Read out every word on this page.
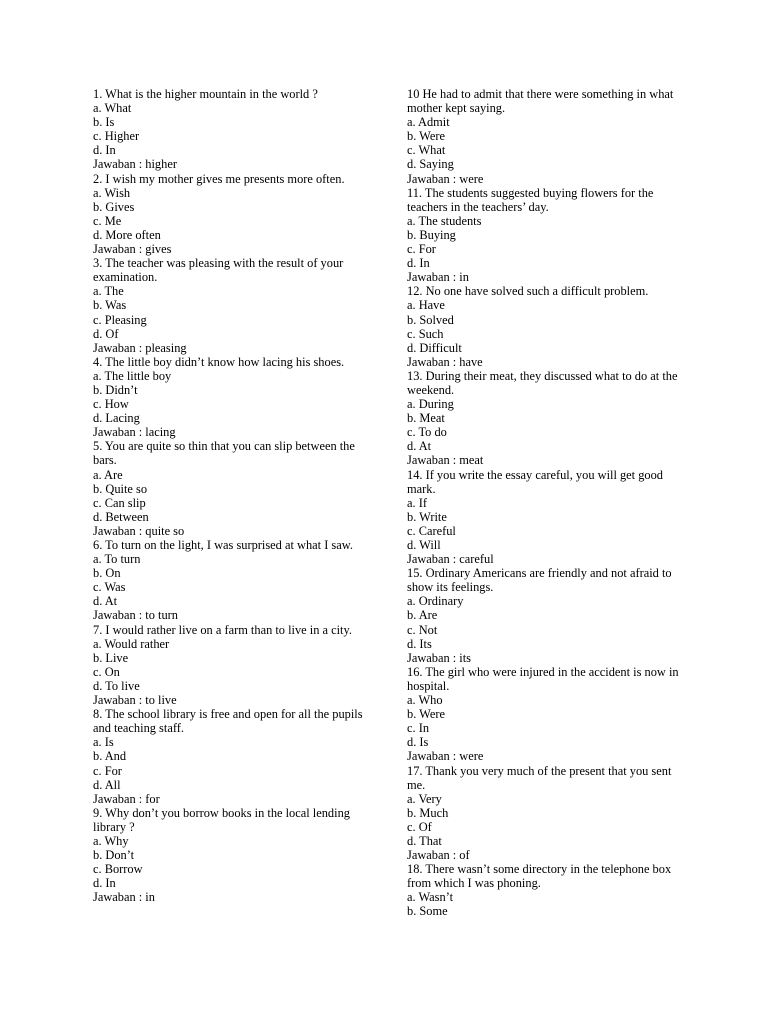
1. What is the higher mountain in the world ?
a. What
b. Is
c. Higher
d. In
Jawaban : higher
2. I wish my mother gives me presents more often.
a. Wish
b. Gives
c. Me
d. More often
Jawaban : gives
3. The teacher was pleasing with the result of your examination.
a. The
b. Was
c. Pleasing
d. Of
Jawaban : pleasing
4. The little boy didn’t know how lacing his shoes.
a. The little boy
b. Didn’t
c. How
d. Lacing
Jawaban : lacing
5. You are quite so thin that you can slip between the bars.
a. Are
b. Quite so
c. Can slip
d. Between
Jawaban : quite so
6. To turn on the light, I was surprised at what I saw.
a. To turn
b. On
c. Was
d. At
Jawaban : to turn
7. I would rather live on a farm than to live in a city.
a. Would rather
b. Live
c. On
d. To live
Jawaban : to live
8. The school library is free and open for all the pupils and teaching staff.
a. Is
b. And
c. For
d. All
Jawaban : for
9. Why don’t you borrow books in the local lending library ?
a. Why
b. Don’t
c. Borrow
d. In
Jawaban : in
10 He had to admit that there were something in what mother kept saying.
a. Admit
b. Were
c. What
d. Saying
Jawaban : were
11. The students suggested buying flowers for the teachers in the teachers’ day.
a. The students
b. Buying
c. For
d. In
Jawaban : in
12. No one have solved such a difficult problem.
a. Have
b. Solved
c. Such
d. Difficult
Jawaban : have
13. During their meat, they discussed what to do at the weekend.
a. During
b. Meat
c. To do
d. At
Jawaban : meat
14. If you write the essay careful, you will get good mark.
a. If
b. Write
c. Careful
d. Will
Jawaban : careful
15. Ordinary Americans are friendly and not afraid to show its feelings.
a. Ordinary
b. Are
c. Not
d. Its
Jawaban : its
16. The girl who were injured in the accident is now in hospital.
a. Who
b. Were
c. In
d. Is
Jawaban : were
17. Thank you very much of the present that you sent me.
a. Very
b. Much
c. Of
d. That
Jawaban : of
18. There wasn’t some directory in the telephone box from which I was phoning.
a. Wasn’t
b. Some
